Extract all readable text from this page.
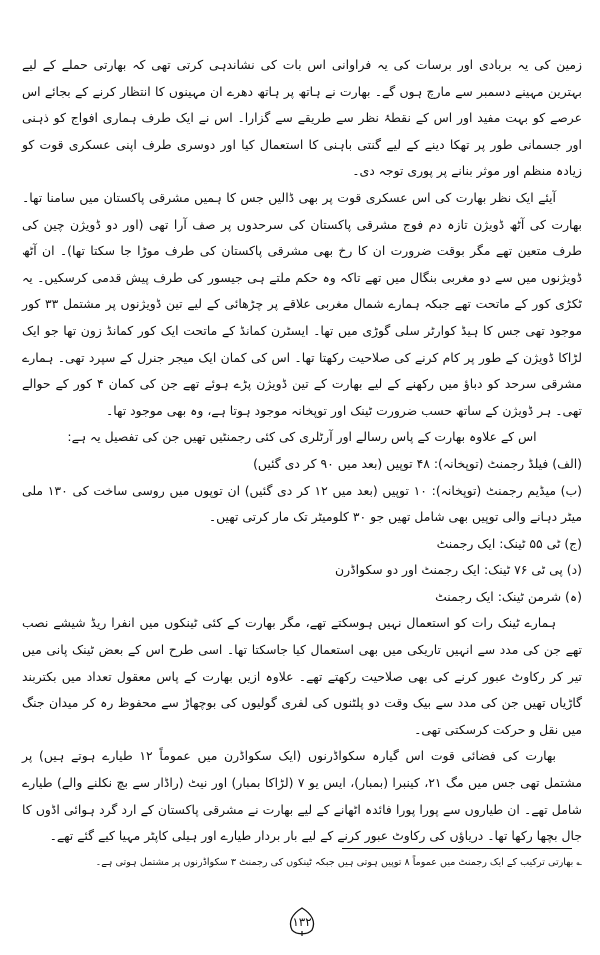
زمین کی یہ بربادی اور برسات کی یہ فراوانی اس بات کی نشاندہی کرتی تھی کہ بھارتی حملے کے لیے بہترین مہینے دسمبر سے مارچ ہوں گے۔ بھارت نے ہاتھ پر ہاتھ دھرے ان مہینوں کا انتظار کرنے کے بجائے اس عرصے کو بہت مفید اور اس کے نقطۂ نظر سے طریقے سے گزارا۔ اس نے ایک طرف ہماری افواج کو ذہنی اور جسمانی طور پر تھکا دینے کے لیے گنتی باہنی کا استعمال کیا اور دوسری طرف اپنی عسکری قوت کو زیادہ منظم اور موثر بنانے پر پوری توجہ دی۔

آیئے ایک نظر بھارت کی اس عسکری قوت پر بھی ڈالیں جس کا ہمیں مشرقی پاکستان میں سامنا تھا۔ بھارت کی آٹھ ڈویژن تازہ دم فوج مشرقی پاکستان کی سرحدوں پر صف آرا تھی (اور دو ڈویژن چین کی طرف متعین تھے مگر بوقت ضرورت ان کا رخ بھی مشرقی پاکستان کی طرف موڑا جا سکتا تھا)۔ ان آٹھ ڈویژنوں میں سے دو مغربی بنگال میں تھے تاکہ وہ حکم ملتے ہی جیسور کی طرف پیش قدمی کرسکیں۔ یہ ٹکڑی کور کے ماتحت تھے جبکہ ہمارے شمال مغربی علاقے پر چڑھائی کے لیے تین ڈویژنوں پر مشتمل ۳۳ کور موجود تھی جس کا ہیڈ کوارٹر سلی گوڑی میں تھا۔ ایسٹرن کمانڈ کے ماتحت ایک کور کمانڈ زون تھا جو ایک لڑاکا ڈویژن کے طور پر کام کرنے کی صلاحیت رکھتا تھا۔ اس کی کمان ایک میجر جنرل کے سپرد تھی۔ ہمارے مشرقی سرحد کو دباؤ میں رکھنے کے لیے بھارت کے تین ڈویژن پڑے ہوئے تھے جن کی کمان ۴ کور کے حوالے تھی۔ ہر ڈویژن کے ساتھ حسب ضرورت ٹینک اور توپخانہ موجود ہوتا ہے، وہ بھی موجود تھا۔

اس کے علاوہ بھارت کے پاس رسالے اور آرٹلری کی کئی رجمنٹیں تھیں جن کی تفصیل یہ ہے:

(الف) فیلڈ رجمنٹ (توپخانہ): ۴۸ توپیں (بعد میں ۹۰ کر دی گئیں)

(ب) میڈیم رجمنٹ (توپخانہ): ۱۰ توپیں (بعد میں ۱۲ کر دی گئیں) ان توپوں میں روسی ساخت کی ۱۳۰ ملی میٹر دہانے والی توپیں بھی شامل تھیں جو ۳۰ کلومیٹر تک مار کرتی تھیں۔

(ج) ٹی ۵۵ ٹینک: ایک رجمنٹ

(د) پی ٹی ۷۶ ٹینک: ایک رجمنٹ اور دو سکواڈرن

(ہ) شرمن ٹینک: ایک رجمنٹ

ہمارے ٹینک رات کو استعمال نہیں ہوسکتے تھے، مگر بھارت کے کئی ٹینکوں میں انفرا ریڈ شیشے نصب تھے جن کی مدد سے انہیں تاریکی میں بھی استعمال کیا جاسکتا تھا۔ اسی طرح اس کے بعض ٹینک پانی میں تیر کر رکاوٹ عبور کرنے کی بھی صلاحیت رکھتے تھے۔ علاوہ ازیں بھارت کے پاس معقول تعداد میں بکتربند گاڑیاں تھیں جن کی مدد سے بیک وقت دو پلٹنوں کی لفری گولیوں کی بوچھاڑ سے محفوظ رہ کر میدان جنگ میں نقل و حرکت کرسکتی تھی۔

بھارت کی فضائی قوت اس گیارہ سکواڈرنوں (ایک سکواڈرن میں عموماً ۱۲ طیارے ہوتے ہیں) پر مشتمل تھی جس میں مگ ۲۱، کینبرا (بمبار)، ایس یو ۷ (لڑاکا بمبار) اور نیٹ (راڈار سے بچ نکلنے والے) طیارے شامل تھے۔ ان طیاروں سے پورا پورا فائدہ اٹھانے کے لیے بھارت نے مشرقی پاکستان کے ارد گرد ہوائی اڈوں کا جال بچھا رکھا تھا۔ دریاؤں کی رکاوٹ عبور کرنے کے لیے بار بردار طیارے اور ہیلی کاپٹر مہیا کیے گئے تھے۔

؎ بھارتی ترکیب کے ایک رجمنٹ میں عموماً ۸ توپیں ہوتی ہیں جبکہ ٹینکوں کی رجمنٹ ۳ سکواڈرنوں پر مشتمل ہوتی ہے۔
۱۳۲
